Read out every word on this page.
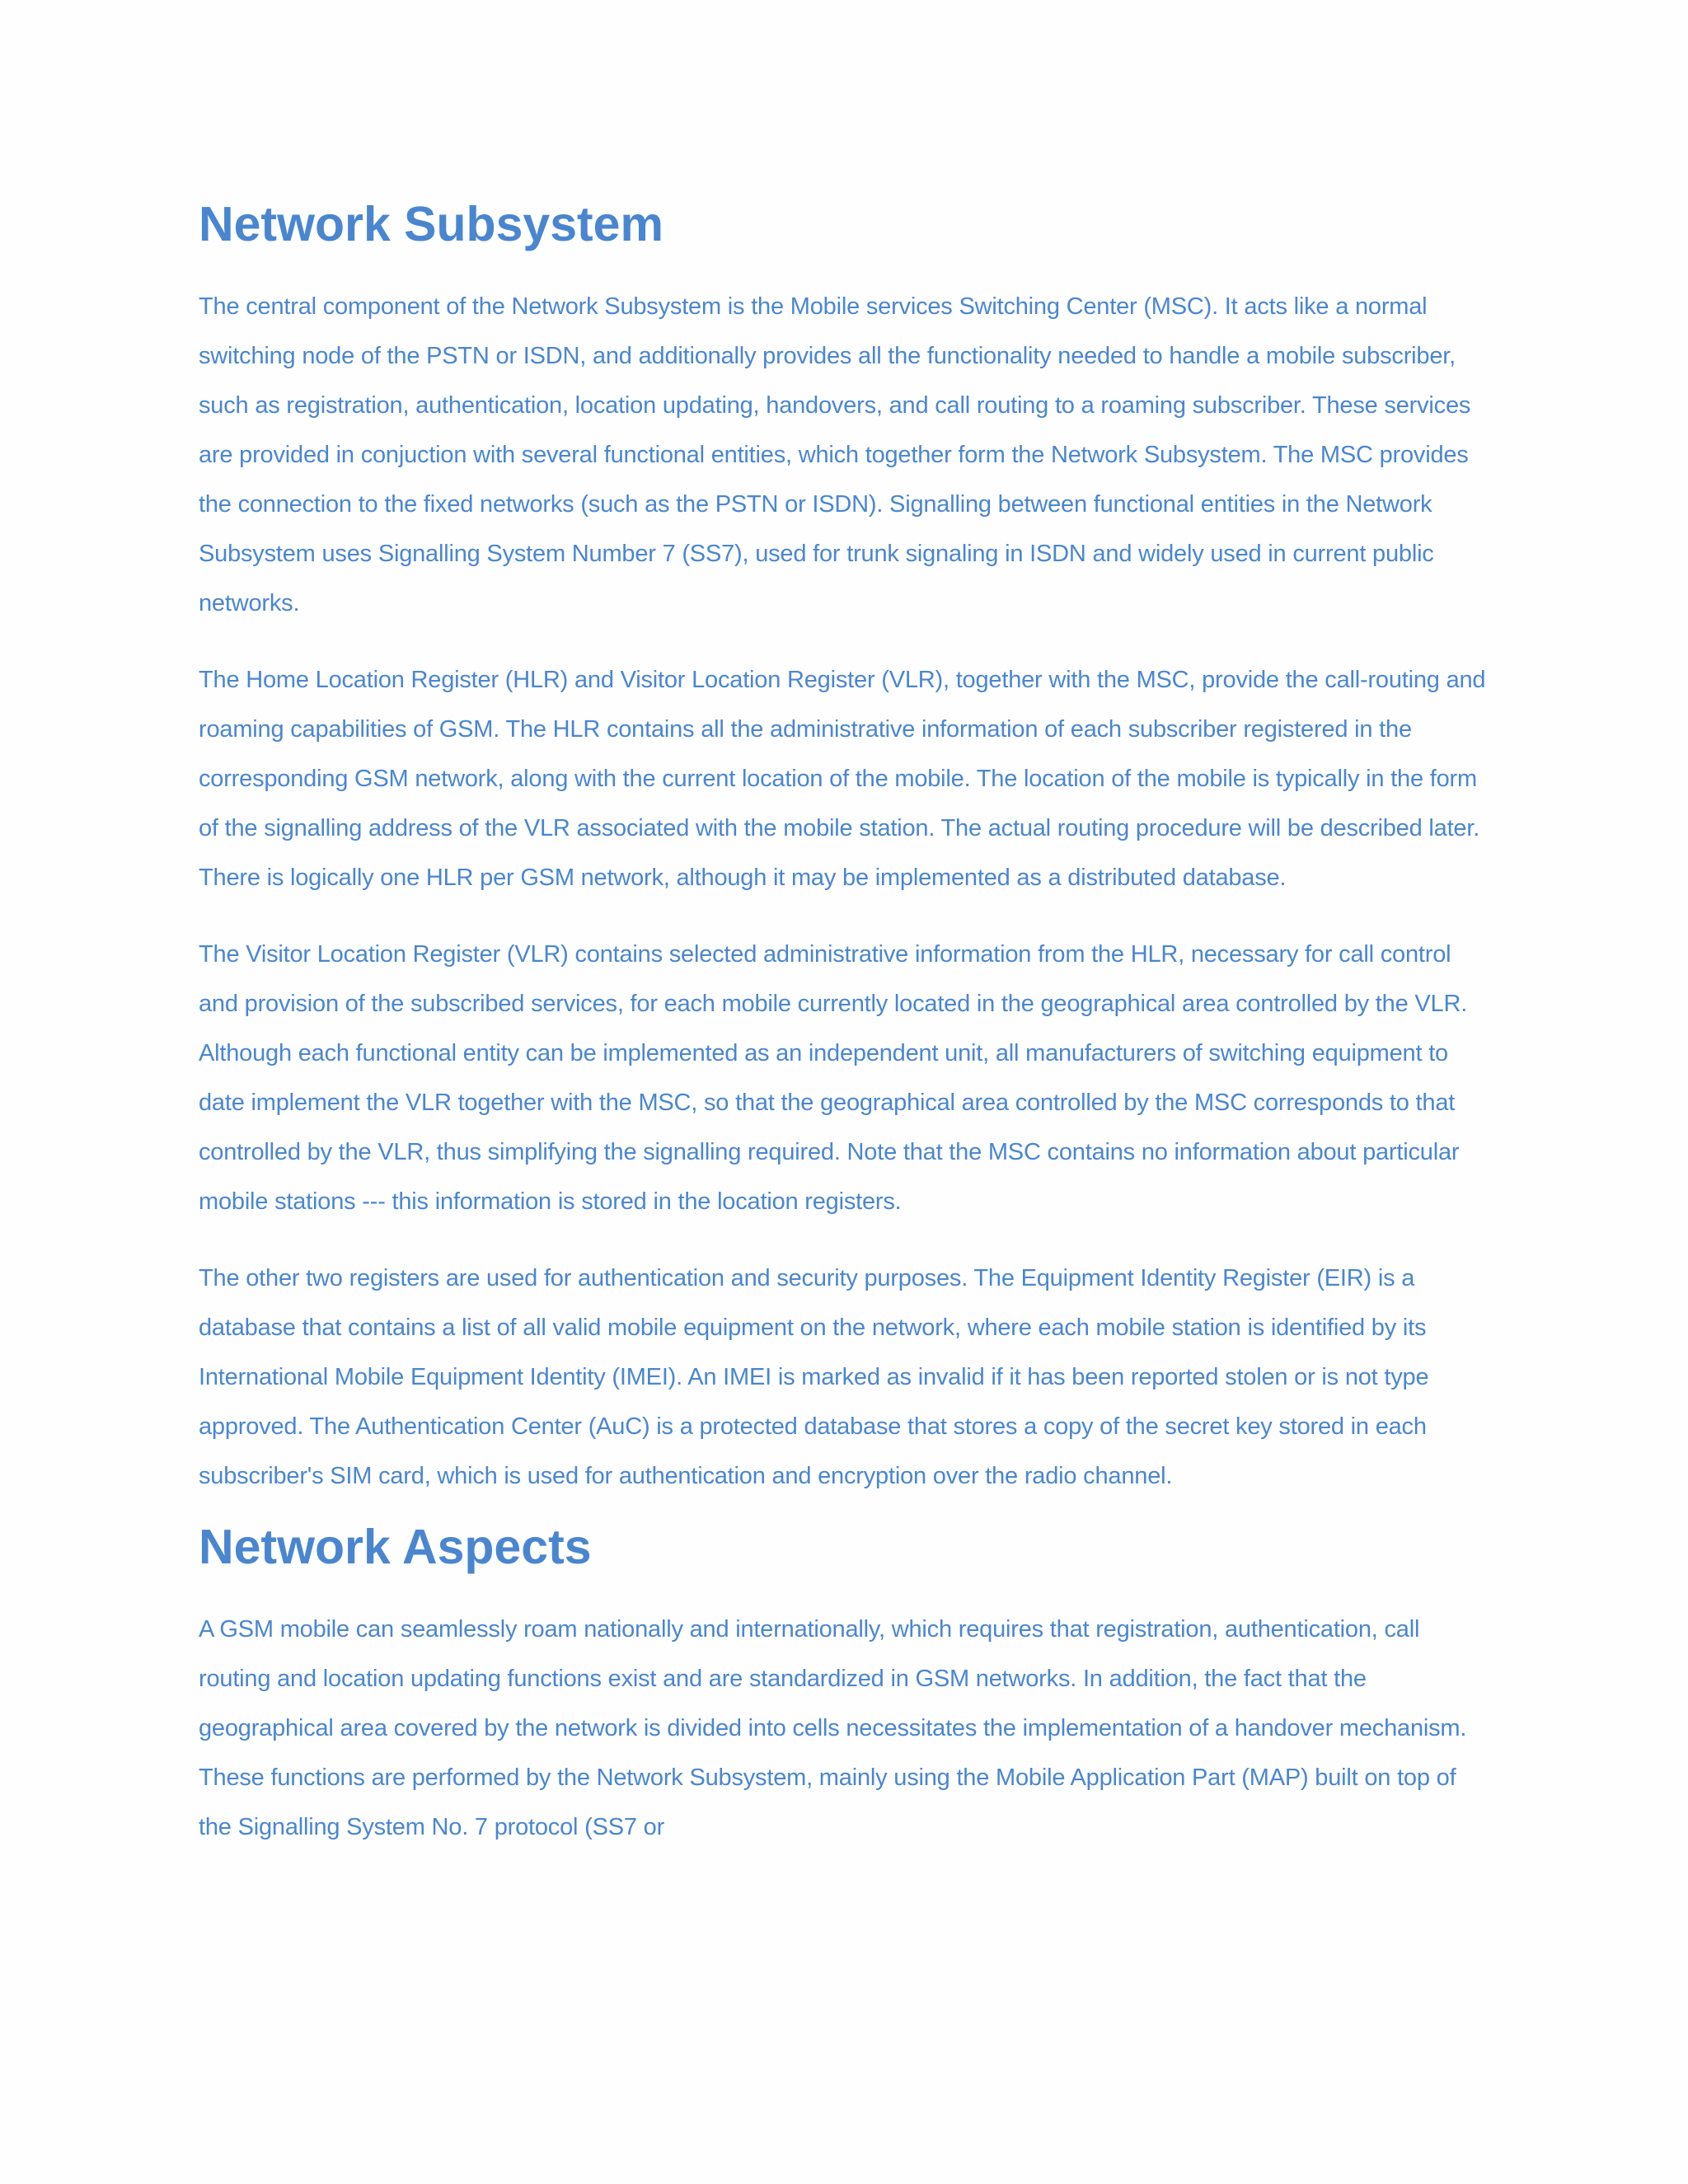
Network Subsystem

The central component of the Network Subsystem is the Mobile services Switching Center (MSC). It acts like a normal switching node of the PSTN or ISDN, and additionally provides all the functionality needed to handle a mobile subscriber, such as registration, authentication, location updating, handovers, and call routing to a roaming subscriber. These services are provided in conjuction with several functional entities, which together form the Network Subsystem. The MSC provides the connection to the fixed networks (such as the PSTN or ISDN). Signalling between functional entities in the Network Subsystem uses Signalling System Number 7 (SS7), used for trunk signaling in ISDN and widely used in current public networks.

The Home Location Register (HLR) and Visitor Location Register (VLR), together with the MSC, provide the call-routing and roaming capabilities of GSM. The HLR contains all the administrative information of each subscriber registered in the corresponding GSM network, along with the current location of the mobile. The location of the mobile is typically in the form of the signalling address of the VLR associated with the mobile station. The actual routing procedure will be described later. There is logically one HLR per GSM network, although it may be implemented as a distributed database.

The Visitor Location Register (VLR) contains selected administrative information from the HLR, necessary for call control and provision of the subscribed services, for each mobile currently located in the geographical area controlled by the VLR. Although each functional entity can be implemented as an independent unit, all manufacturers of switching equipment to date implement the VLR together with the MSC, so that the geographical area controlled by the MSC corresponds to that controlled by the VLR, thus simplifying the signalling required. Note that the MSC contains no information about particular mobile stations --- this information is stored in the location registers.

The other two registers are used for authentication and security purposes. The Equipment Identity Register (EIR) is a database that contains a list of all valid mobile equipment on the network, where each mobile station is identified by its International Mobile Equipment Identity (IMEI). An IMEI is marked as invalid if it has been reported stolen or is not type approved. The Authentication Center (AuC) is a protected database that stores a copy of the secret key stored in each subscriber's SIM card, which is used for authentication and encryption over the radio channel.

Network Aspects

A GSM mobile can seamlessly roam nationally and internationally, which requires that registration, authentication, call routing and location updating functions exist and are standardized in GSM networks. In addition, the fact that the geographical area covered by the network is divided into cells necessitates the implementation of a handover mechanism. These functions are performed by the Network Subsystem, mainly using the Mobile Application Part (MAP) built on top of the Signalling System No. 7 protocol (SS7 or
